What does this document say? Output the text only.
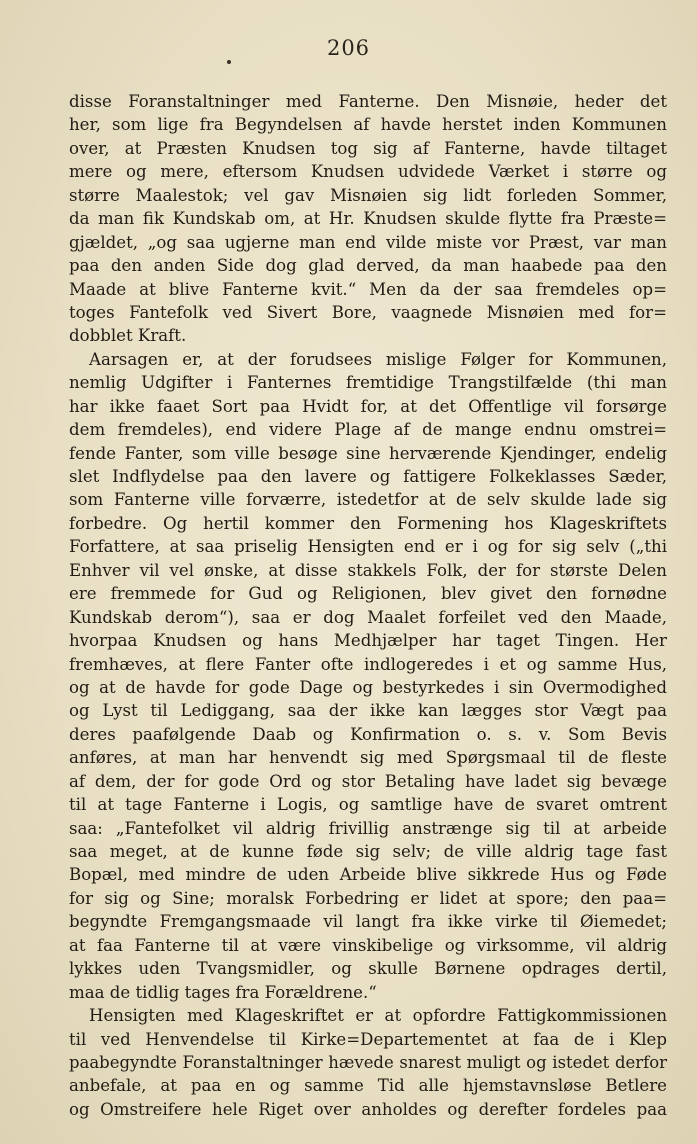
206
disse Foranstaltninger med Fanterne. Den Misnøie, heder det
her, som lige fra Begyndelsen af havde herstet inden Kommunen
over, at Præsten Knudsen tog sig af Fanterne, havde tiltaget
mere og mere, eftersom Knudsen udvidede Værket i større og
større Maalestok; vel gav Misnøien sig lidt forleden Sommer,
da man fik Kundskab om, at Hr. Knudsen skulde flytte fra Præste=
gjældet, „og saa ugjerne man end vilde miste vor Præst, var man
paa den anden Side dog glad derved, da man haabede paa den
Maade at blive Fanterne kvit.“ Men da der saa fremdeles op=
toges Fantefolk ved Sivert Bore, vaagnede Misnøien med for=
dobblet Kraft.
Aarsagen er, at der forudsees mislige Følger for Kommunen,
nemlig Udgifter i Fanternes fremtidige Trangstilfælde (thi man
har ikke faaet Sort paa Hvidt for, at det Offentlige vil forsørge
dem fremdeles), end videre Plage af de mange endnu omstrei=
fende Fanter, som ville besøge sine herværende Kjendinger, endelig
slet Indflydelse paa den lavere og fattigere Folkeklasses Sæder,
som Fanterne ville forværre, istedetfor at de selv skulde lade sig
forbedre. Og hertil kommer den Formening hos Klageskriftets
Forfattere, at saa priselig Hensigten end er i og for sig selv („thi
Enhver vil vel ønske, at disse stakkels Folk, der for største Delen
ere fremmede for Gud og Religionen, blev givet den fornødne
Kundskab derom“), saa er dog Maalet forfeilet ved den Maade,
hvorpaa Knudsen og hans Medhjælper har taget Tingen. Her
fremhæves, at flere Fanter ofte indlogeredes i et og samme Hus,
og at de havde for gode Dage og bestyrkedes i sin Overmodighed
og Lyst til Lediggang, saa der ikke kan lægges stor Vægt paa
deres paafølgende Daab og Konfirmation o. s. v. Som Bevis
anføres, at man har henvendt sig med Spørgsmaal til de fleste
af dem, der for gode Ord og stor Betaling have ladet sig bevæge
til at tage Fanterne i Logis, og samtlige have de svaret omtrent
saa: „Fantefolket vil aldrig frivillig anstrænge sig til at arbeide
saa meget, at de kunne føde sig selv; de ville aldrig tage fast
Bopæl, med mindre de uden Arbeide blive sikkrede Hus og Føde
for sig og Sine; moralsk Forbedring er lidet at spore; den paa=
begyndte Fremgangsmaade vil langt fra ikke virke til Øiemedet;
at faa Fanterne til at være vinskibelige og virksomme, vil aldrig
lykkes uden Tvangsmidler, og skulle Børnene opdrages dertil,
maa de tidlig tages fra Forældrene.“
Hensigten med Klageskriftet er at opfordre Fattigkommissionen
til ved Henvendelse til Kirke=Departementet at faa de i Klep
paabegyndte Foranstaltninger hævede snarest muligt og istedet derfor
anbefale, at paa en og samme Tid alle hjemstavnsløse Betlere
og Omstreifere hele Riget over anholdes og derefter fordeles paa
